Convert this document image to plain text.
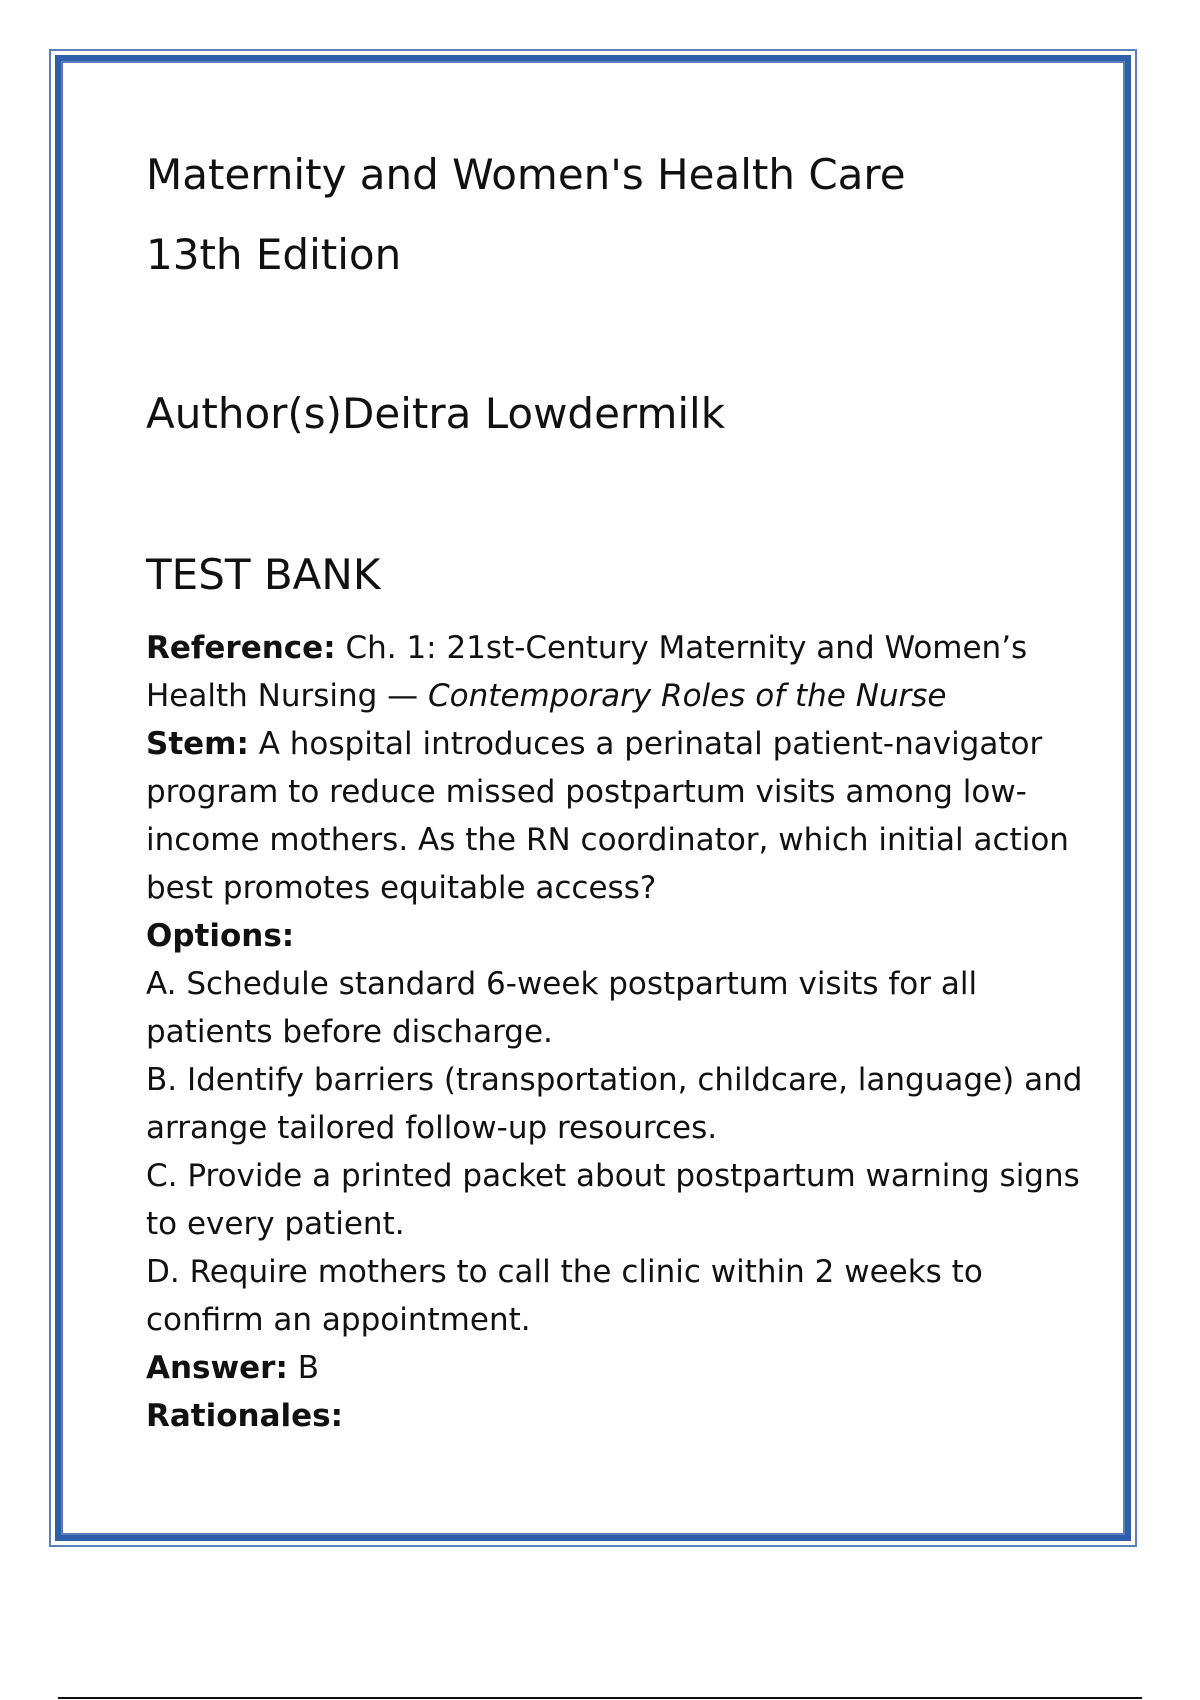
Maternity and Women's Health Care
13th Edition
Author(s)Deitra Lowdermilk
TEST BANK

Reference: Ch. 1: 21st-Century Maternity and Women’s Health Nursing — Contemporary Roles of the Nurse

Stem: A hospital introduces a perinatal patient-navigator program to reduce missed postpartum visits among low-income mothers. As the RN coordinator, which initial action best promotes equitable access?

Options:

A. Schedule standard 6-week postpartum visits for all patients before discharge.

B. Identify barriers (transportation, childcare, language) and arrange tailored follow-up resources.

C. Provide a printed packet about postpartum warning signs to every patient.

D. Require mothers to call the clinic within 2 weeks to confirm an appointment.

Answer: B

Rationales:
